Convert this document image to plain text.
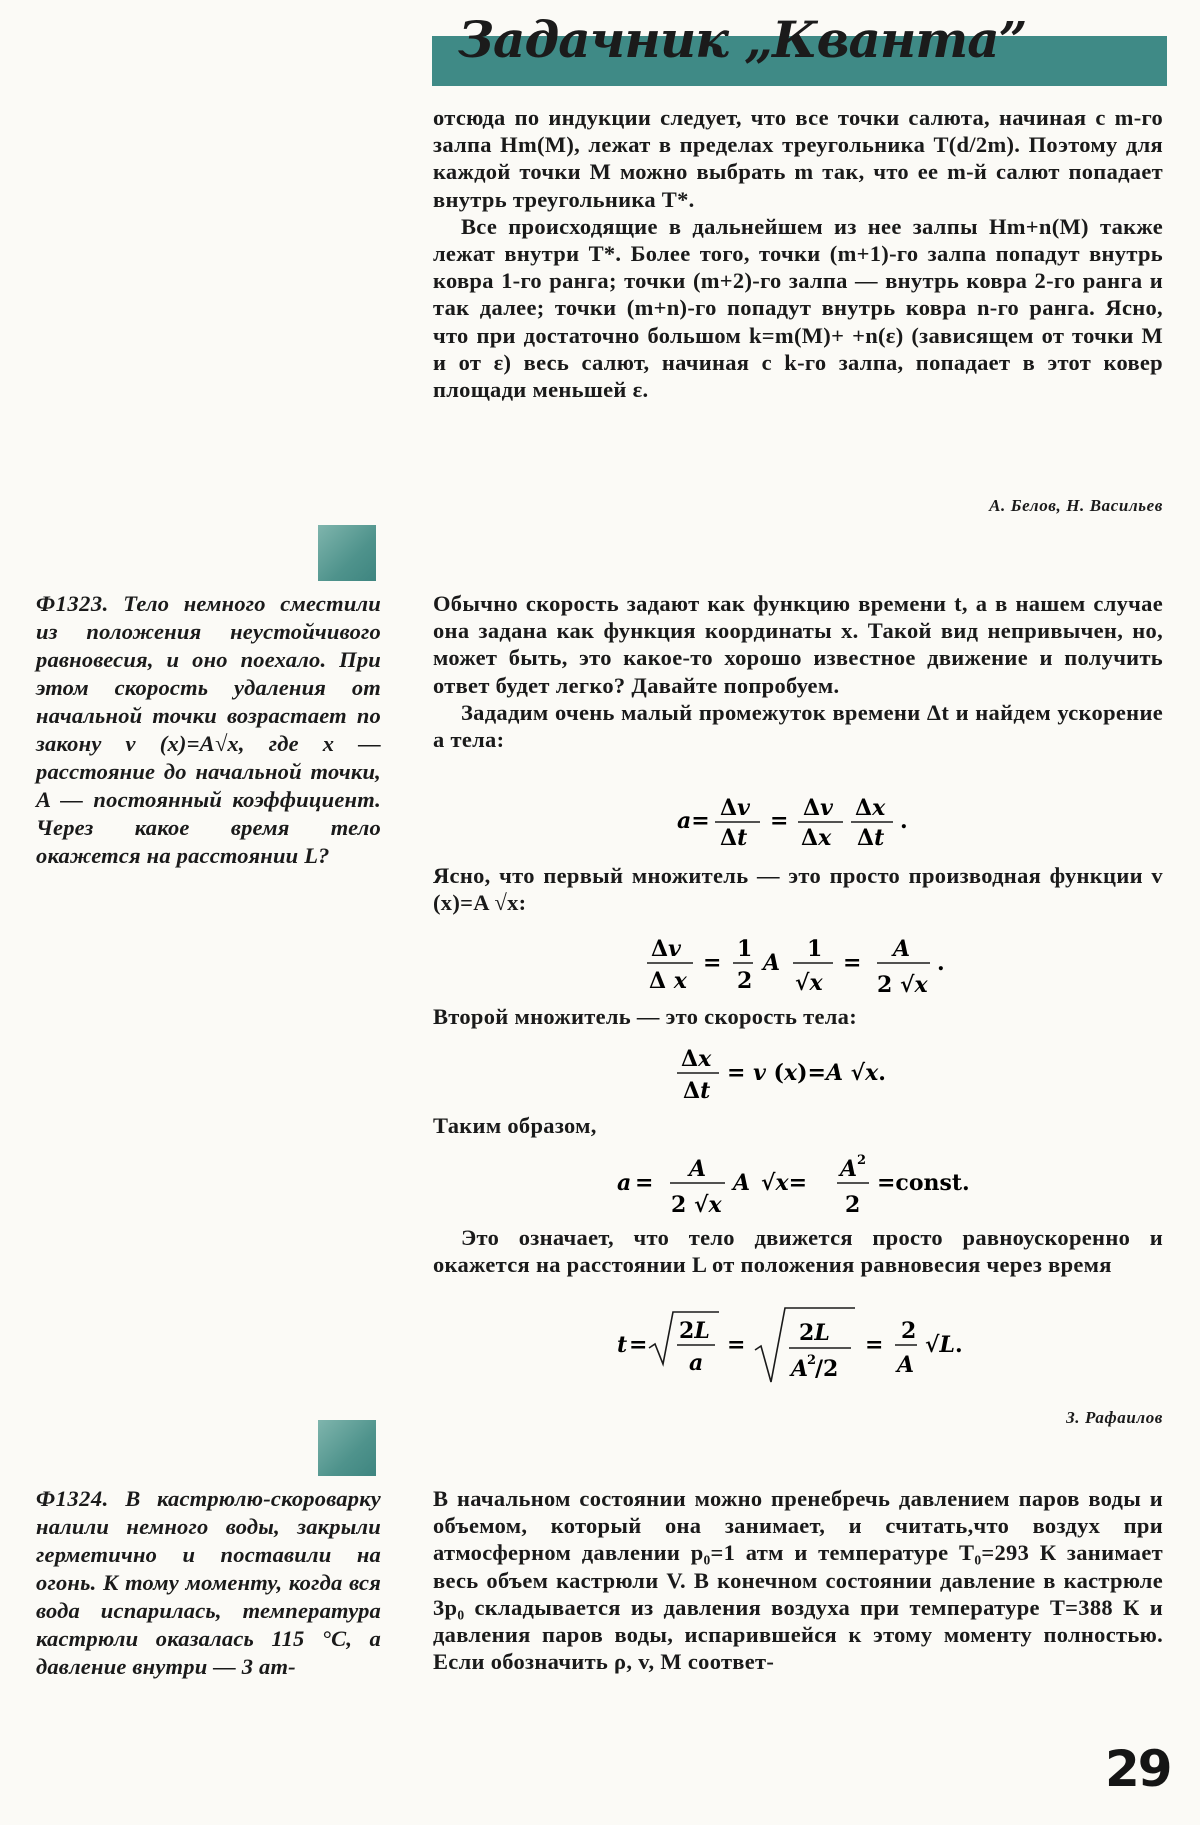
Задачник „Кванта”

отсюда по индукции следует, что все точки салюта, начиная с m-го залпа Hm(M), лежат в пределах треугольника T(d/2m). Поэтому для каждой точки M можно выбрать m так, что ее m-й салют попадает внутрь треугольника T*.

Все происходящие в дальнейшем из нее залпы Hm+n(M) также лежат внутри T*. Более того, точки (m+1)-го залпа попадут внутрь ковра 1-го ранга; точки (m+2)-го залпа — внутрь ковра 2-го ранга и так далее; точки (m+n)-го попадут внутрь ковра n-го ранга. Ясно, что при достаточно большом k=m(M)+ +n(ε) (зависящем от точки M и от ε) весь салют, начиная с k-го залпа, попадает в этот ковер площади меньшей ε.

А. Белов, Н. Васильев
Ф1323. Тело немного сместили из положения неустойчивого равновесия, и оно поехало. При этом скорость удаления от начальной точки возрастает по закону v (x)=A√x, где x — расстояние до начальной точки, A — постоянный коэффициент. Через какое время тело окажется на расстоянии L?

Обычно скорость задают как функцию времени t, а в нашем случае она задана как функция координаты x. Такой вид непривычен, но, может быть, это какое-то хорошо известное движение и получить ответ будет легко? Давайте попробуем.

Зададим очень малый промежуток времени Δt и найдем ускорение a тела:

a= Δv
Δt
= Δv
Δx
Δx
Δt
.

Ясно, что первый множитель — это просто производная функции v (x)=A √x:

Δv
Δ x
=
1
2
A
1
√x
=
A
2 √x
.

Второй множитель — это скорость тела:

Δx
Δt
= v (x)=A √x.

Таким образом,

a =
A
2 √x
A √x=
A 2
2
=const.

Это означает, что тело движется просто равноускоренно и окажется на расстоянии L от положения равновесия через время

t =
2L
a
= 2L
A
2
/2
=
2
A
√L.
З. Рафаилов
Ф1324. В кастрюлю-скороварку налили немного воды, закрыли герметично и поставили на огонь. К тому моменту, когда вся вода испарилась, температура кастрюли оказалась 115 °C, а давление внутри — 3 ат-

В начальном состоянии можно пренебречь давлением паров воды и объемом, который она занимает, и считать,что воздух при атмосферном давлении p₀=1 атм и температуре T₀=293 К занимает весь объем кастрюли V. В конечном состоянии давление в кастрюле 3p₀ складывается из давления воздуха при температуре T=388 К и давления паров воды, испарившейся к этому моменту полностью. Если обозначить ρ, v, M соответ-

29
